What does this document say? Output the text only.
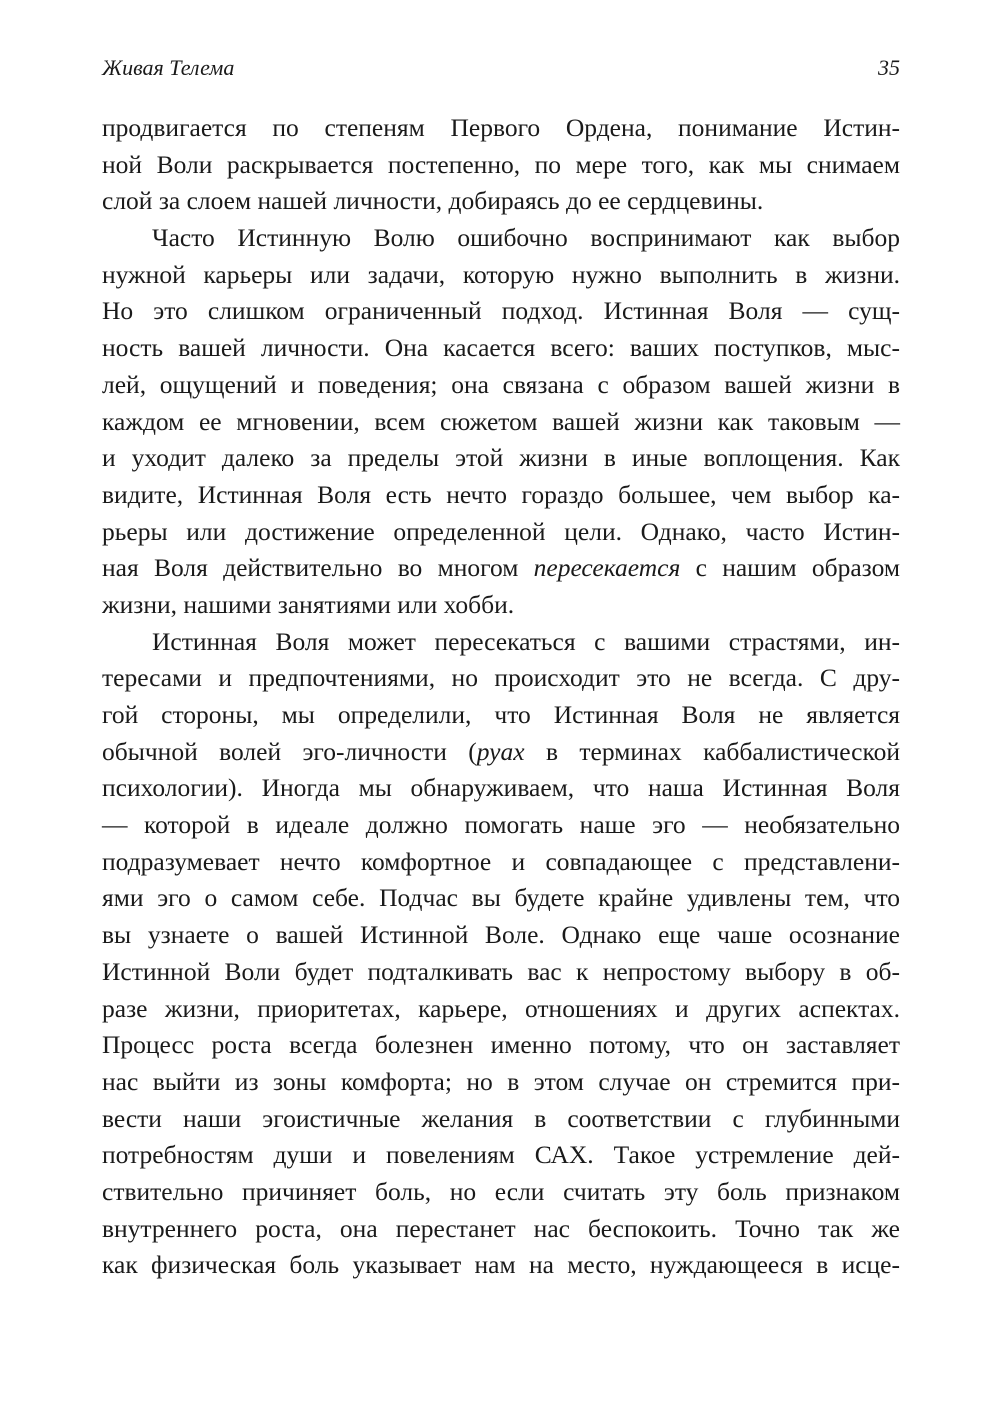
Живая Телема	35
продвигается по степеням Первого Ордена, понимание Истин-
ной Воли раскрывается постепенно, по мере того, как мы снимаем
слой за слоем нашей личности, добираясь до ее сердцевины.
Часто Истинную Волю ошибочно воспринимают как выбор
нужной карьеры или задачи, которую нужно выполнить в жизни.
Но это слишком ограниченный подход. Истинная Воля — сущ-
ность вашей личности. Она касается всего: ваших поступков, мыс-
лей, ощущений и поведения; она связана с образом вашей жизни в
каждом ее мгновении, всем сюжетом вашей жизни как таковым —
и уходит далеко за пределы этой жизни в иные воплощения. Как
видите, Истинная Воля есть нечто гораздо большее, чем выбор ка-
рьеры или достижение определенной цели. Однако, часто Истин-
ная Воля действительно во многом пересекается с нашим образом
жизни, нашими занятиями или хобби.
Истинная Воля может пересекаться с вашими страстями, ин-
тересами и предпочтениями, но происходит это не всегда. С дру-
гой стороны, мы определили, что Истинная Воля не является
обычной волей эго-личности (руах в терминах каббалистической
психологии). Иногда мы обнаруживаем, что наша Истинная Воля
— которой в идеале должно помогать наше эго — необязательно
подразумевает нечто комфортное и совпадающее с представлени-
ями эго о самом себе. Подчас вы будете крайне удивлены тем, что
вы узнаете о вашей Истинной Воле. Однако еще чаше осознание
Истинной Воли будет подталкивать вас к непростому выбору в об-
разе жизни, приоритетах, карьере, отношениях и других аспектах.
Процесс роста всегда болезнен именно потому, что он заставляет
нас выйти из зоны комфорта; но в этом случае он стремится при-
вести наши эгоистичные желания в соответствии с глубинными
потребностям души и повелениям САХ. Такое устремление дей-
ствительно причиняет боль, но если считать эту боль признаком
внутреннего роста, она перестанет нас беспокоить. Точно так же
как физическая боль указывает нам на место, нуждающееся в исце-
